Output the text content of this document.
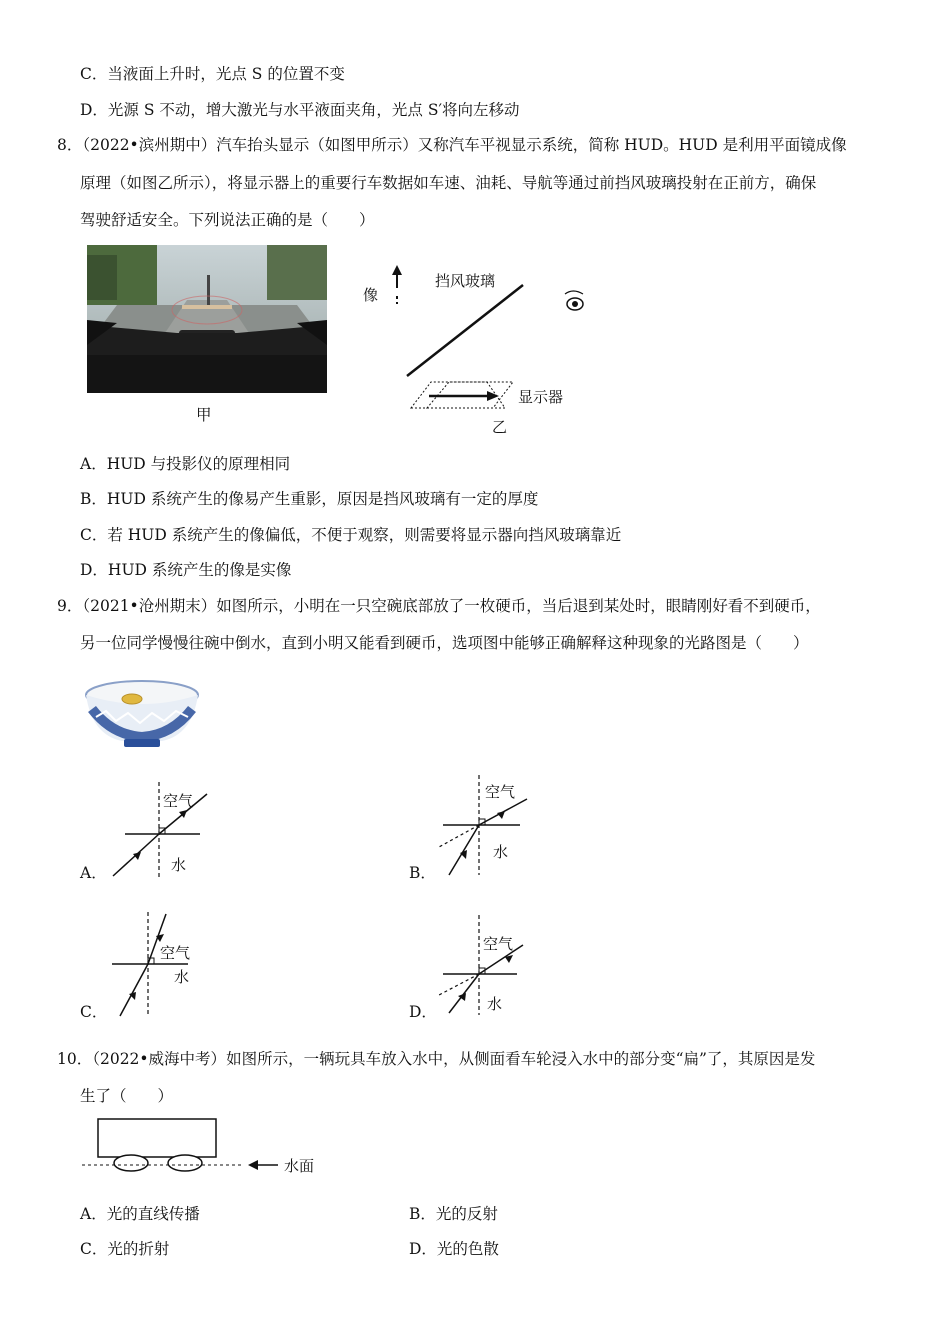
C．当液面上升时，光点 S 的位置不变
D．光源 S 不动，增大激光与水平液面夹角，光点 S′将向左移动
8．（2022•滨州期中）汽车抬头显示（如图甲所示）又称汽车平视显示系统，简称 HUD。HUD 是利用平面镜成像
原理（如图乙所示），将显示器上的重要行车数据如车速、油耗、导航等通过前挡风玻璃投射在正前方，确保
驾驶舒适安全。下列说法正确的是（　　）
甲
像
挡风玻璃
显示器
乙
A．HUD 与投影仪的原理相同
B．HUD 系统产生的像易产生重影，原因是挡风玻璃有一定的厚度
C．若 HUD 系统产生的像偏低，不便于观察，则需要将显示器向挡风玻璃靠近
D．HUD 系统产生的像是实像
9．（2021•沧州期末）如图所示，小明在一只空碗底部放了一枚硬币，当后退到某处时，眼睛刚好看不到硬币，
另一位同学慢慢往碗中倒水，直到小明又能看到硬币，选项图中能够正确解释这种现象的光路图是（　　）
A．
空气
水	B．
空气
水
C．
空气
水
D．
空气
水
10．（2022•威海中考）如图所示，一辆玩具车放入水中，从侧面看车轮浸入水中的部分变“扁”了，其原因是发
生了（　　）
水面
A．光的直线传播	B．光的反射
C．光的折射	D．光的色散
